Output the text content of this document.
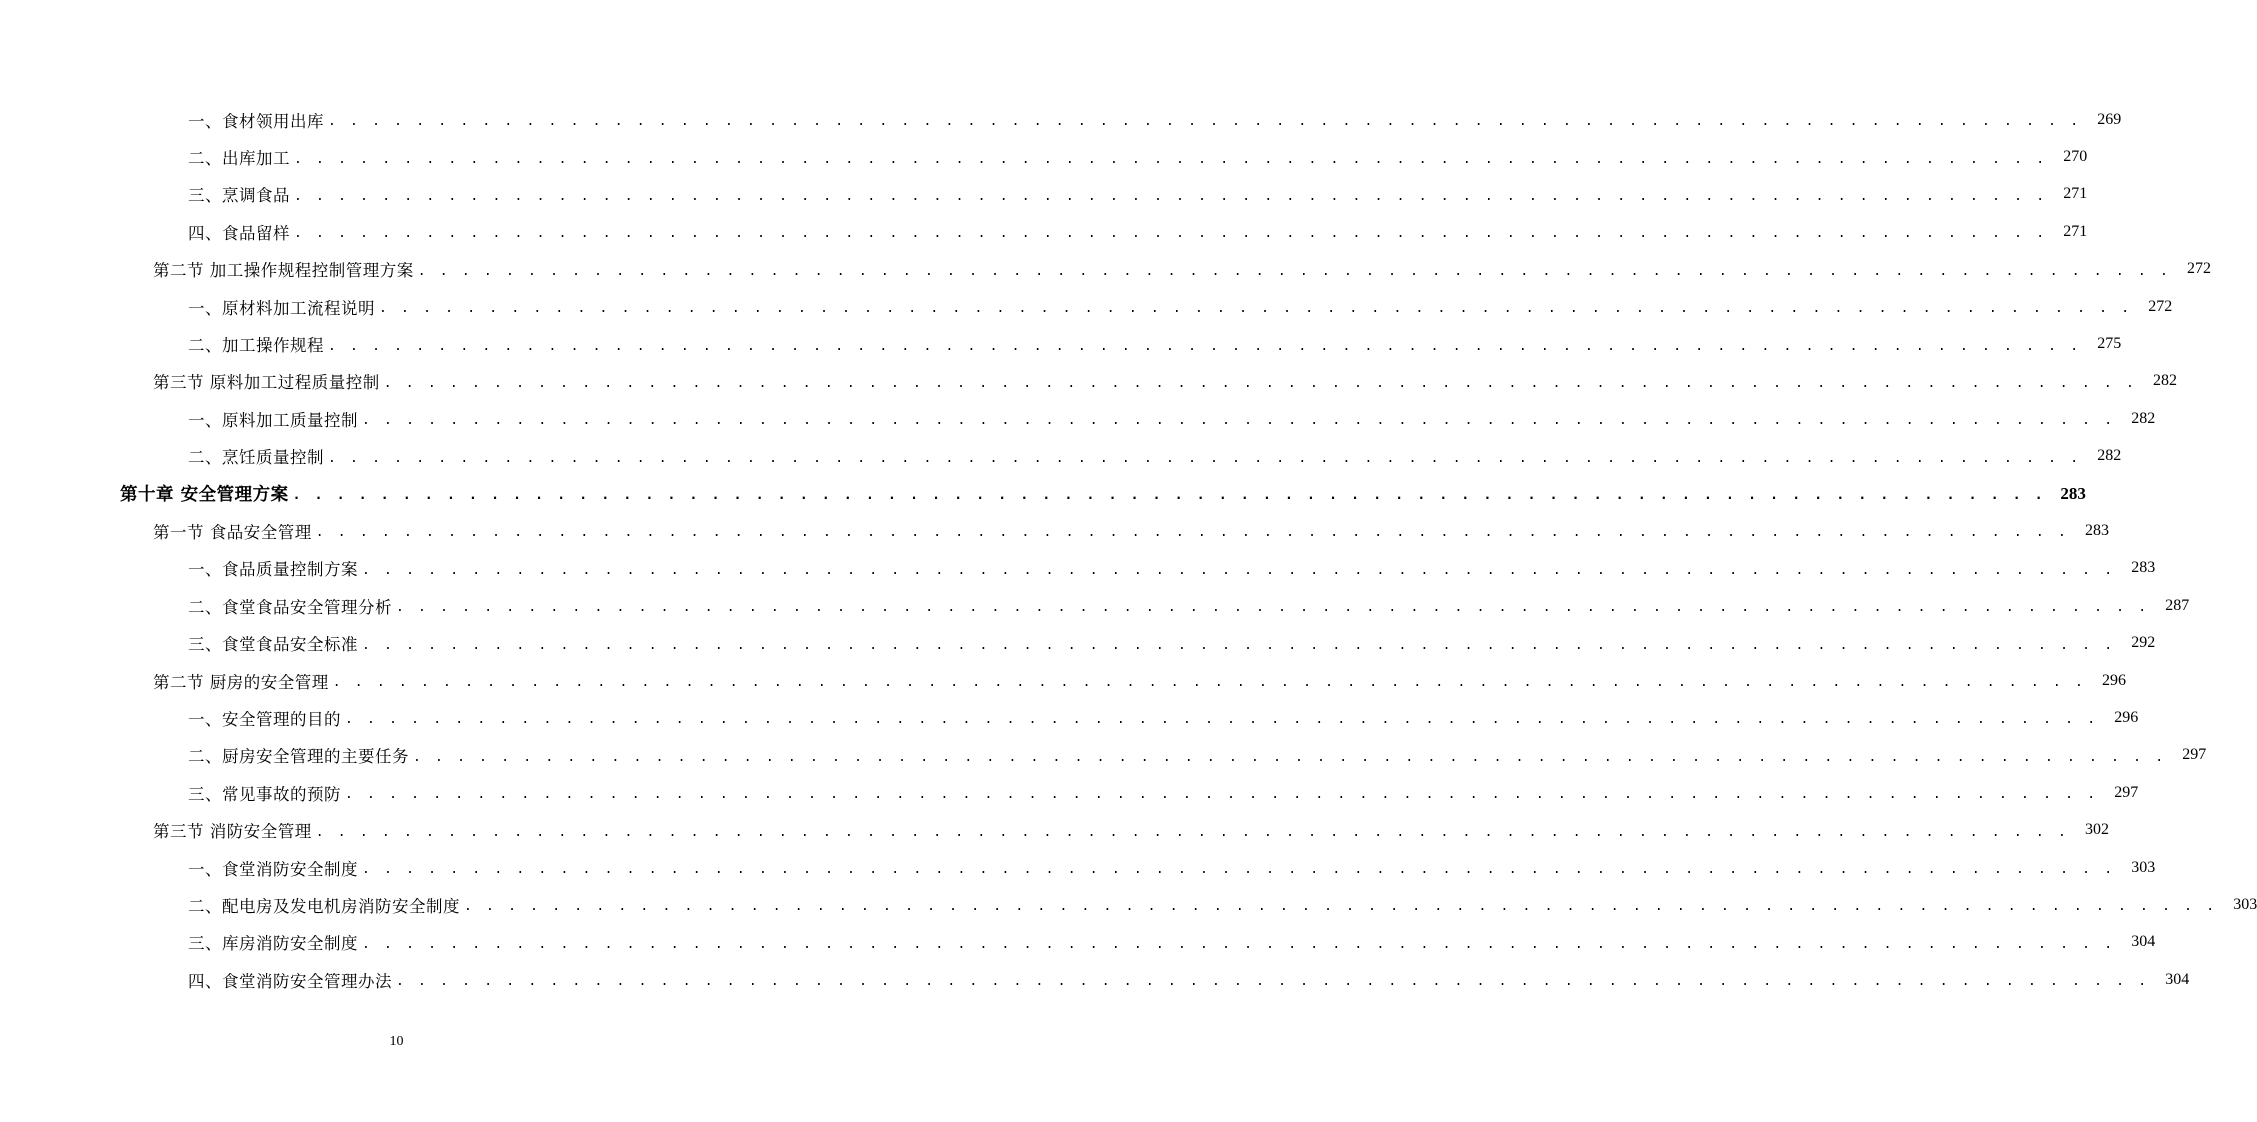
一、食材领用出库 . . . . . . . . . . . . . . . . . . . . . . . . . . . . . . . . . . . . . . . . . . . . . . . . . . . . . . . . . . . . . . . . . . . . . . . . . . . . . . . .	269
二、出库加工 . . . . . . . . . . . . . . . . . . . . . . . . . . . . . . . . . . . . . . . . . . . . . . . . . . . . . . . . . . . . . . . . . . . . . . . . . . . . . . . .	270
三、烹调食品 . . . . . . . . . . . . . . . . . . . . . . . . . . . . . . . . . . . . . . . . . . . . . . . . . . . . . . . . . . . . . . . . . . . . . . . . . . . . . . . .	271
四、食品留样 . . . . . . . . . . . . . . . . . . . . . . . . . . . . . . . . . . . . . . . . . . . . . . . . . . . . . . . . . . . . . . . . . . . . . . . . . . . . . . . .	271
第二节 加工操作规程控制管理方案 . . . . . . . . . . . . . . . . . . . . . . . . . . . . . . . . . . . . . . . . . . . . . . . . . . . . . . . . . . . . . . . . . . . . . . . . . . . . . . . .	272
一、原材料加工流程说明 . . . . . . . . . . . . . . . . . . . . . . . . . . . . . . . . . . . . . . . . . . . . . . . . . . . . . . . . . . . . . . . . . . . . . . . . . . . . . . . .	272
二、加工操作规程 . . . . . . . . . . . . . . . . . . . . . . . . . . . . . . . . . . . . . . . . . . . . . . . . . . . . . . . . . . . . . . . . . . . . . . . . . . . . . . . .	275
第三节 原料加工过程质量控制 . . . . . . . . . . . . . . . . . . . . . . . . . . . . . . . . . . . . . . . . . . . . . . . . . . . . . . . . . . . . . . . . . . . . . . . . . . . . . . . .	282
一、原料加工质量控制 . . . . . . . . . . . . . . . . . . . . . . . . . . . . . . . . . . . . . . . . . . . . . . . . . . . . . . . . . . . . . . . . . . . . . . . . . . . . . . . .	282
二、烹饪质量控制 . . . . . . . . . . . . . . . . . . . . . . . . . . . . . . . . . . . . . . . . . . . . . . . . . . . . . . . . . . . . . . . . . . . . . . . . . . . . . . . .	282
第十章 安全管理方案 . . . . . . . . . . . . . . . . . . . . . . . . . . . . . . . . . . . . . . . . . . . . . . . . . . . . . . . . . . . . . . . . . . . . . . . . . . . . . . . . 283
第一节 食品安全管理 . . . . . . . . . . . . . . . . . . . . . . . . . . . . . . . . . . . . . . . . . . . . . . . . . . . . . . . . . . . . . . . . . . . . . . . . . . . . . . . .	283
一、食品质量控制方案 . . . . . . . . . . . . . . . . . . . . . . . . . . . . . . . . . . . . . . . . . . . . . . . . . . . . . . . . . . . . . . . . . . . . . . . . . . . . . . . .	283
二、食堂食品安全管理分析 . . . . . . . . . . . . . . . . . . . . . . . . . . . . . . . . . . . . . . . . . . . . . . . . . . . . . . . . . . . . . . . . . . . . . . . . . . . . . . . .	287
三、食堂食品安全标准 . . . . . . . . . . . . . . . . . . . . . . . . . . . . . . . . . . . . . . . . . . . . . . . . . . . . . . . . . . . . . . . . . . . . . . . . . . . . . . . .	292
第二节 厨房的安全管理 . . . . . . . . . . . . . . . . . . . . . . . . . . . . . . . . . . . . . . . . . . . . . . . . . . . . . . . . . . . . . . . . . . . . . . . . . . . . . . . .	296
一、安全管理的目的 . . . . . . . . . . . . . . . . . . . . . . . . . . . . . . . . . . . . . . . . . . . . . . . . . . . . . . . . . . . . . . . . . . . . . . . . . . . . . . . .	296
二、厨房安全管理的主要任务 . . . . . . . . . . . . . . . . . . . . . . . . . . . . . . . . . . . . . . . . . . . . . . . . . . . . . . . . . . . . . . . . . . . . . . . . . . . . . . . .	297
三、常见事故的预防 . . . . . . . . . . . . . . . . . . . . . . . . . . . . . . . . . . . . . . . . . . . . . . . . . . . . . . . . . . . . . . . . . . . . . . . . . . . . . . . .	297
第三节 消防安全管理 . . . . . . . . . . . . . . . . . . . . . . . . . . . . . . . . . . . . . . . . . . . . . . . . . . . . . . . . . . . . . . . . . . . . . . . . . . . . . . . .	302
一、食堂消防安全制度 . . . . . . . . . . . . . . . . . . . . . . . . . . . . . . . . . . . . . . . . . . . . . . . . . . . . . . . . . . . . . . . . . . . . . . . . . . . . . . . .	303
二、配电房及发电机房消防安全制度 . . . . . . . . . . . . . . . . . . . . . . . . . . . . . . . . . . . . . . . . . . . . . . . . . . . . . . . . . . . . . . . . . . . . . . . . . . . . . . . .	303
三、库房消防安全制度 . . . . . . . . . . . . . . . . . . . . . . . . . . . . . . . . . . . . . . . . . . . . . . . . . . . . . . . . . . . . . . . . . . . . . . . . . . . . . . . .	304
四、食堂消防安全管理办法 . . . . . . . . . . . . . . . . . . . . . . . . . . . . . . . . . . . . . . . . . . . . . . . . . . . . . . . . . . . . . . . . . . . . . . . . . . . . . . . .	304
10
